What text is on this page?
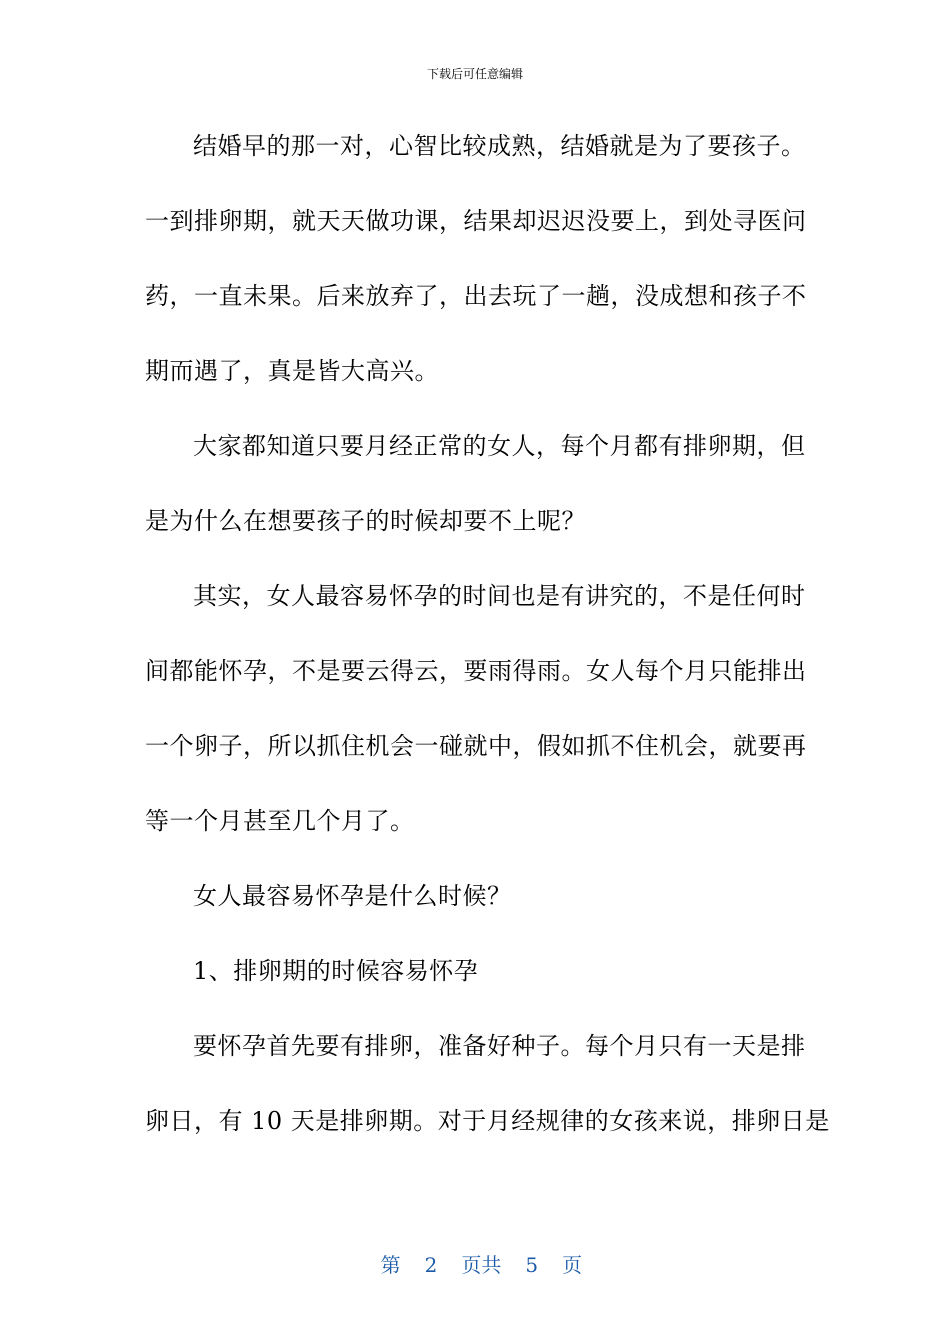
下载后可任意编辑
结婚早的那一对，心智比较成熟，结婚就是为了要孩子。
一到排卵期，就天天做功课，结果却迟迟没要上，到处寻医问
药，一直未果。后来放弃了，出去玩了一趟，没成想和孩子不
期而遇了，真是皆大高兴。
大家都知道只要月经正常的女人，每个月都有排卵期，但
是为什么在想要孩子的时候却要不上呢？
其实，女人最容易怀孕的时间也是有讲究的，不是任何时
间都能怀孕，不是要云得云，要雨得雨。女人每个月只能排出
一个卵子，所以抓住机会一碰就中，假如抓不住机会，就要再
等一个月甚至几个月了。
女人最容易怀孕是什么时候？
1、排卵期的时候容易怀孕
要怀孕首先要有排卵，准备好种子。每个月只有一天是排
卵日，有 10 天是排卵期。对于月经规律的女孩来说，排卵日是

第 2 页共 5 页
